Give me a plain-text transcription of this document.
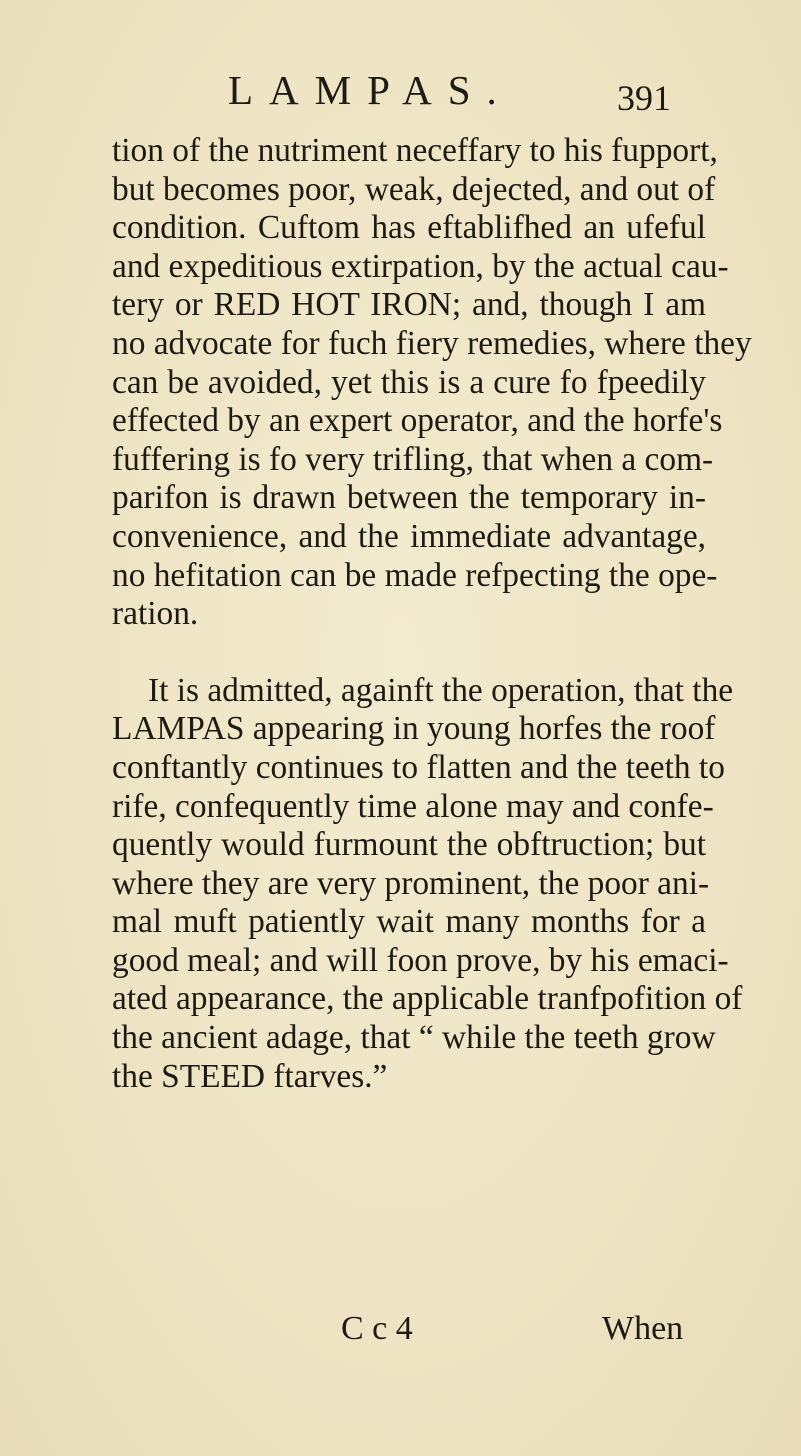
LAMPAS.	391
tion of the nutriment neceffary to his fupport,
but becomes poor, weak, dejected, and out of
condition. Cuftom has eftablifhed an ufeful
and expeditious extirpation, by the actual cau-
tery or RED HOT IRON; and, though I am
no advocate for fuch fiery remedies, where they
can be avoided, yet this is a cure fo fpeedily
effected by an expert operator, and the horfe's
fuffering is fo very trifling, that when a com-
parifon is drawn between the temporary in-
convenience, and the immediate advantage,
no hefitation can be made refpecting the ope-
ration.
It is admitted, againft the operation, that the
LAMPAS appearing in young horfes the roof
conftantly continues to flatten and the teeth to
rife, confequently time alone may and confe-
quently would furmount the obftruction; but
where they are very prominent, the poor ani-
mal muft patiently wait many months for a
good meal; and will foon prove, by his emaci-
ated appearance, the applicable tranfpofition of
the ancient adage, that “ while the teeth grow
the STEED ftarves.”
C c 4	When
